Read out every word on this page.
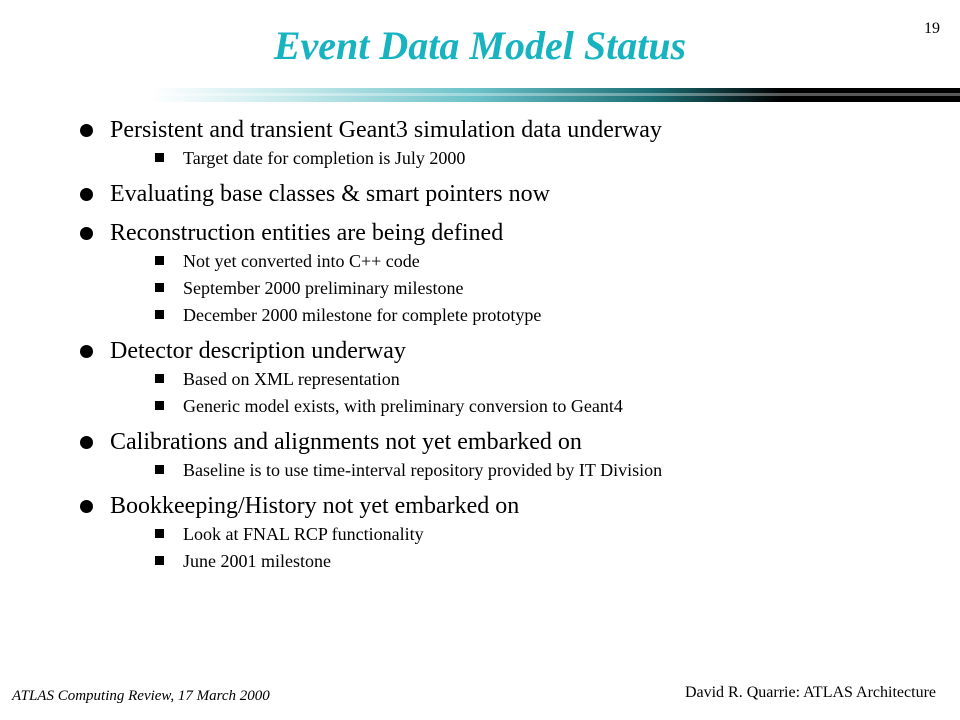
Event Data Model Status	19
Persistent and transient Geant3 simulation data underway
Target date for completion is July 2000
Evaluating base classes & smart pointers now
Reconstruction entities are being defined
Not yet converted into C++ code
September 2000 preliminary milestone
December 2000 milestone for complete prototype
Detector description underway
Based on XML representation
Generic model exists, with preliminary conversion to Geant4
Calibrations and alignments not yet embarked on
Baseline is to use time-interval repository provided by IT Division
Bookkeeping/History not yet embarked on
Look at FNAL RCP functionality
June 2001 milestone
ATLAS Computing Review, 17 March 2000	David R. Quarrie: ATLAS Architecture
